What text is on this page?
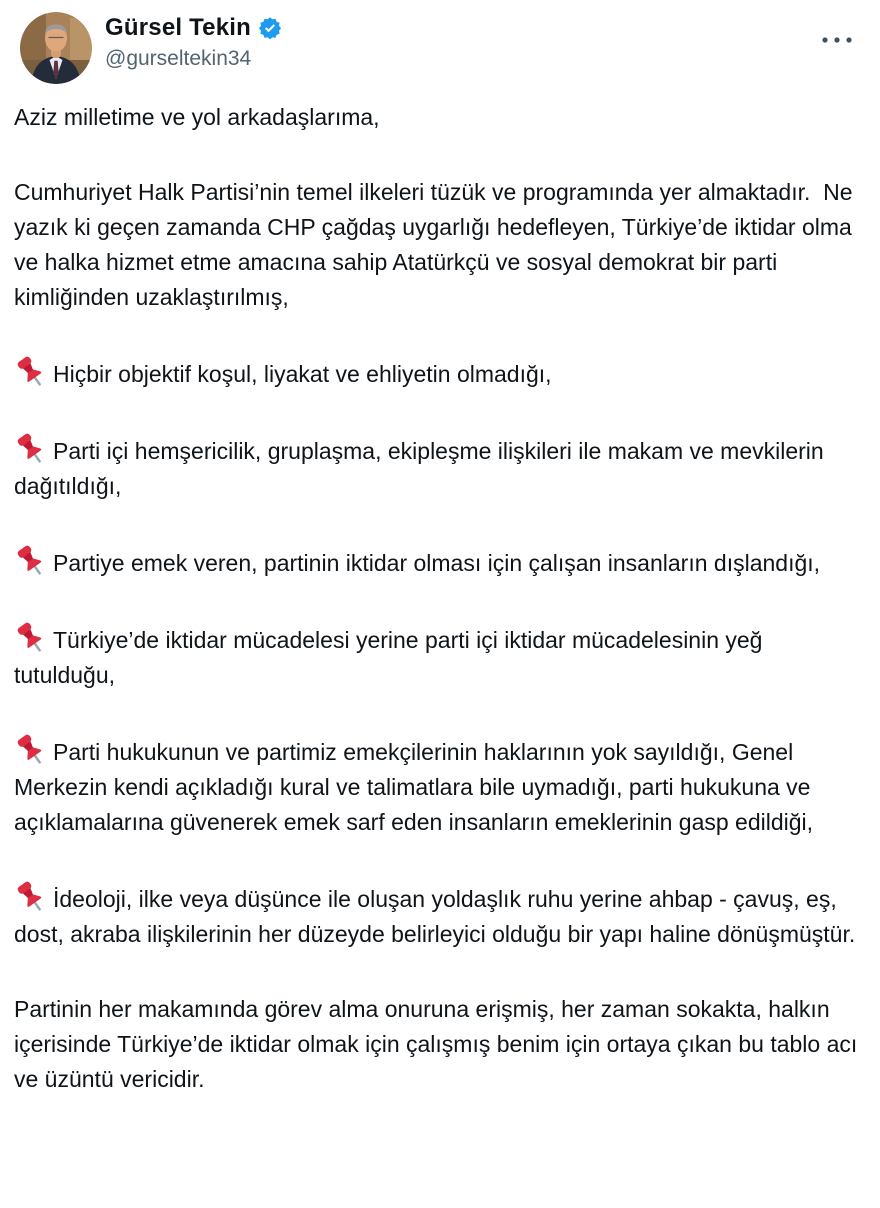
Gürsel Tekin
@gurseltekin34

Aziz milletime ve yol arkadaşlarıma,

Cumhuriyet Halk Partisi’nin temel ilkeleri tüzük ve programında yer almaktadır.  Ne yazık ki geçen zamanda CHP çağdaş uygarlığı hedefleyen, Türkiye’de iktidar olma ve halka hizmet etme amacına sahip Atatürkçü ve sosyal demokrat bir parti kimliğinden uzaklaştırılmış,

Hiçbir objektif koşul, liyakat ve ehliyetin olmadığı,

Parti içi hemşericilik, gruplaşma, ekipleşme ilişkileri ile makam ve mevkilerin dağıtıldığı,

Partiye emek veren, partinin iktidar olması için çalışan insanların dışlandığı,

Türkiye’de iktidar mücadelesi yerine parti içi iktidar mücadelesinin yeğ tutulduğu,

Parti hukukunun ve partimiz emekçilerinin haklarının yok sayıldığı, Genel Merkezin kendi açıkladığı kural ve talimatlara bile uymadığı, parti hukukuna ve açıklamalarına güvenerek emek sarf eden insanların emeklerinin gasp edildiği,

İdeoloji, ilke veya düşünce ile oluşan yoldaşlık ruhu yerine ahbap - çavuş, eş, dost, akraba ilişkilerinin her düzeyde belirleyici olduğu bir yapı haline dönüşmüştür.

Partinin her makamında görev alma onuruna erişmiş, her zaman sokakta, halkın içerisinde Türkiye’de iktidar olmak için çalışmış benim için ortaya çıkan bu tablo acı ve üzüntü vericidir.
